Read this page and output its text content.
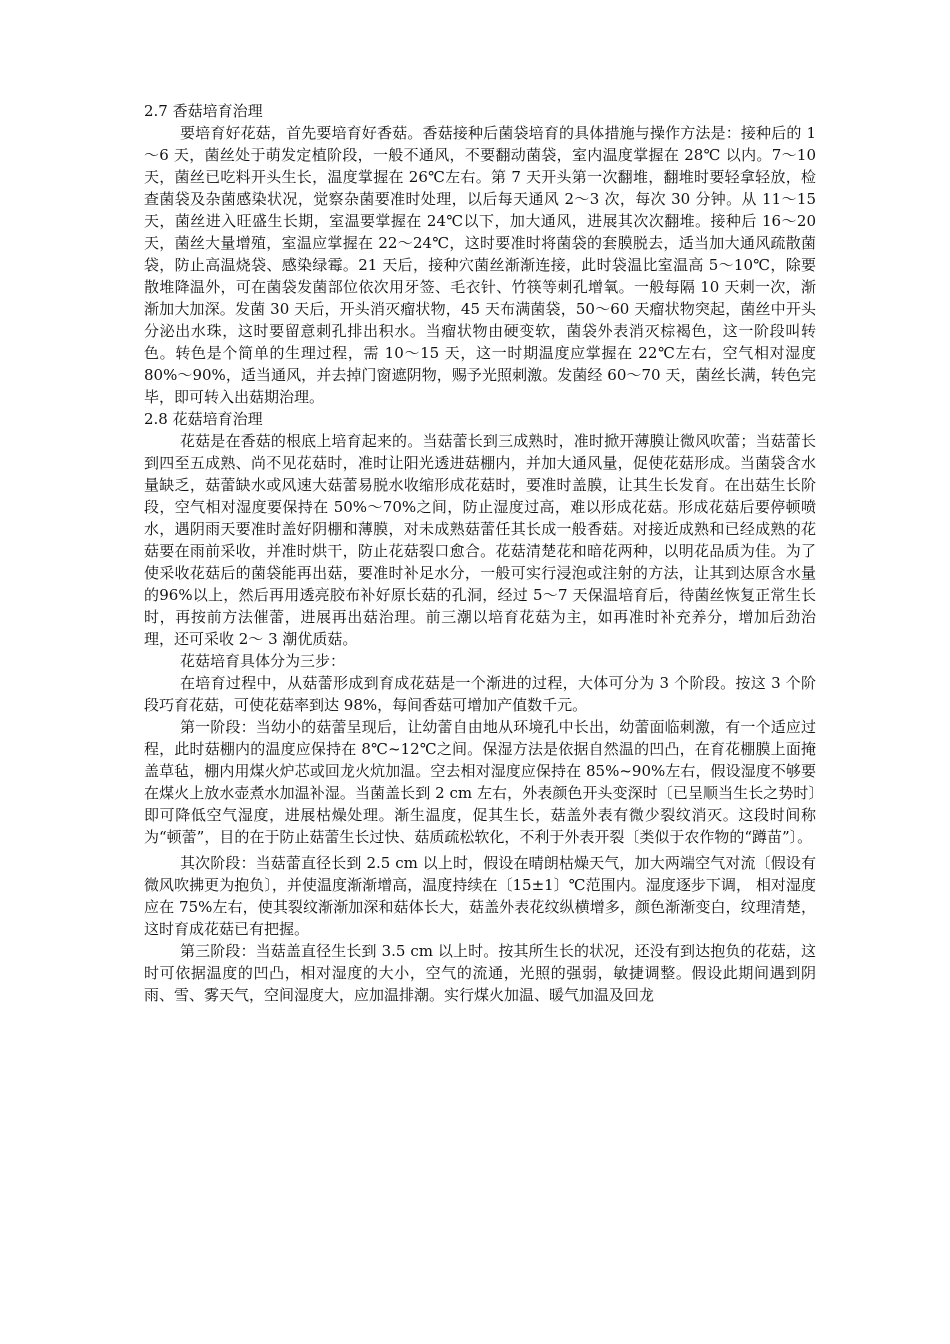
2.7 香菇培育治理

要培育好花菇，首先要培育好香菇。香菇接种后菌袋培育的具体措施与操作方法是：接种后的 1～6 天，菌丝处于萌发定植阶段，一般不通风，不要翻动菌袋，室内温度掌握在 28℃ 以内。7～10 天，菌丝已吃料开头生长，温度掌握在 26℃左右。第 7 天开头第一次翻堆，翻堆时要轻拿轻放，检查菌袋及杂菌感染状况，觉察杂菌要准时处理，以后每天通风 2～3 次，每次 30 分钟。从 11～15 天，菌丝进入旺盛生长期，室温要掌握在 24℃以下，加大通风，进展其次次翻堆。接种后 16～20 天，菌丝大量增殖，室温应掌握在 22～24℃，这时要准时将菌袋的套膜脱去，适当加大通风疏散菌袋，防止高温烧袋、感染绿霉。21 天后，接种穴菌丝渐渐连接，此时袋温比室温高 5～10℃，除要散堆降温外，可在菌袋发菌部位依次用牙签、毛衣针、竹筷等刺孔增氧。一般每隔 10 天刺一次，渐渐加大加深。发菌 30 天后，开头消灭瘤状物，45 天布满菌袋，50～60 天瘤状物突起，菌丝中开头分泌出水珠，这时要留意刺孔排出积水。当瘤状物由硬变软，菌袋外表消灭棕褐色，这一阶段叫转色。转色是个简单的生理过程，需 10～15 天，这一时期温度应掌握在 22℃左右，空气相对湿度 80%～90%，适当通风，并去掉门窗遮阴物，赐予光照刺激。发菌经 60～70 天，菌丝长满，转色完毕，即可转入出菇期治理。

2.8 花菇培育治理

花菇是在香菇的根底上培育起来的。当菇蕾长到三成熟时，准时掀开薄膜让微风吹蕾；当菇蕾长到四至五成熟、尚不见花菇时，准时让阳光透进菇棚内，并加大通风量，促使花菇形成。当菌袋含水量缺乏，菇蕾缺水或风速大菇蕾易脱水收缩形成花菇时，要准时盖膜，让其生长发育。在出菇生长阶段，空气相对湿度要保持在 50%～70%之间，防止湿度过高，难以形成花菇。形成花菇后要停顿喷水，遇阴雨天要准时盖好阴棚和薄膜，对未成熟菇蕾任其长成一般香菇。对接近成熟和已经成熟的花菇要在雨前采收，并准时烘干，防止花菇裂口愈合。花菇清楚花和暗花两种，以明花品质为佳。为了使采收花菇后的菌袋能再出菇，要准时补足水分，一般可实行浸泡或注射的方法，让其到达原含水量的96%以上，然后再用透亮胶布补好原长菇的孔洞，经过 5～7 天保温培育后，待菌丝恢复正常生长时，再按前方法催蕾，进展再出菇治理。前三潮以培育花菇为主，如再准时补充养分，增加后劲治理，还可采收 2～ 3 潮优质菇。

花菇培育具体分为三步：

在培育过程中，从菇蕾形成到育成花菇是一个渐进的过程，大体可分为 3 个阶段。按这 3 个阶段巧育花菇，可使花菇率到达 98%，每间香菇可增加产值数千元。

第一阶段：当幼小的菇蕾呈现后，让幼蕾自由地从环境孔中长出，幼蕾面临刺激，有一个适应过程，此时菇棚内的温度应保持在 8℃~12℃之间。保湿方法是依据自然温的凹凸，在育花棚膜上面掩盖草毡，棚内用煤火炉芯或回龙火炕加温。空去相对湿度应保持在 85%~90%左右，假设湿度不够要在煤火上放水壶煮水加温补湿。当菌盖长到 2 cm 左右，外表颜色开头变深时〔已呈顺当生长之势时〕即可降低空气湿度，进展枯燥处理。渐生温度，促其生长，菇盖外表有微少裂纹消灭。这段时间称为“顿蕾”，目的在于防止菇蕾生长过快、菇质疏松软化，不利于外表开裂〔类似于农作物的“蹲苗”〕。

其次阶段：当菇蕾直径长到 2.5 cm 以上时，假设在晴朗枯燥天气，加大两端空气对流〔假设有微风吹拂更为抱负〕，并使温度渐渐增高，温度持续在〔15±1〕℃范围内。湿度逐步下调， 相对湿度应在 75%左右，使其裂纹渐渐加深和菇体长大，菇盖外表花纹纵横增多，颜色渐渐变白，纹理清楚，这时育成花菇已有把握。

第三阶段：当菇盖直径生长到 3.5 cm 以上时。按其所生长的状况，还没有到达抱负的花菇，这时可依据温度的凹凸，相对湿度的大小，空气的流通，光照的强弱，敏捷调整。假设此期间遇到阴雨、雪、雾天气，空间湿度大，应加温排潮。实行煤火加温、暖气加温及回龙
